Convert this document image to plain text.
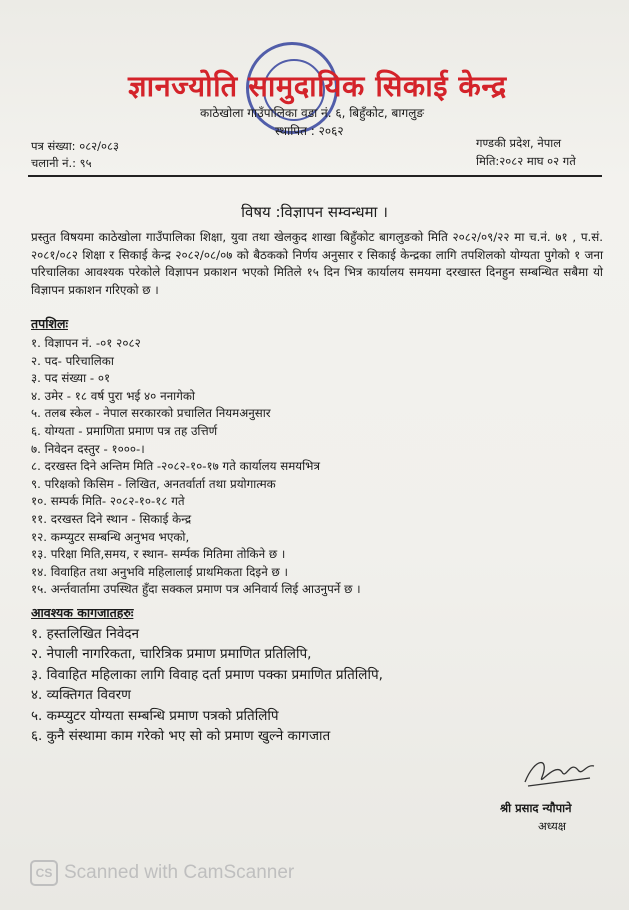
ज्ञानज्योति सामुदायिक सिकाई केन्द्र
काठेखोला गाउँपालिका वडा नं. ६, बिहुँकोट, बागलुङ
स्थापित : २०६२
पत्र संख्या: ०८२/०८३
चलानी नं.: ९५
गण्डकी प्रदेश, नेपाल
मिति:२०८२ माघ ०२ गते
विषय :विज्ञापन सम्वन्धमा ।
प्रस्तुत विषयमा काठेखोला गाउँपालिका शिक्षा, युवा तथा खेलकुद शाखा बिहुँकोट बागलुङको मिति २०८२/०९/२२ मा च.नं. ७१ , प.सं. २०८१/०८२ शिक्षा र सिकाई केन्द्र २०८२/०८/०७ को बैठकको निर्णय अनुसार र सिकाई केन्द्रका लागि तपशिलको योग्यता पुगेको १ जना परिचालिका आवश्यक परेकोले विज्ञापन प्रकाशन भएको मितिले १५ दिन भित्र कार्यालय समयमा दरखास्त दिनहुन सम्बन्धित सबैमा यो विज्ञापन प्रकाशन गरिएको छ ।
तपशिलः
१. विज्ञापन नं. -०१ २०८२
२. पद- परिचालिका
३. पद संख्या - ०१
४. उमेर - १८ वर्ष पुरा भई ४० ननागेको
५. तलब स्केल - नेपाल सरकारको प्रचालित नियमअनुसार
६. योग्यता - प्रमाणिता प्रमाण पत्र तह उत्तिर्ण
७. निवेदन दस्तुर - १०००-।
८. दरखस्त दिने अन्तिम मिति -२०८२-१०-१७ गते कार्यालय समयभित्र
९. परिक्षको किसिम - लिखित, अनतर्वार्ता तथा प्रयोगात्मक
१०. सम्पर्क मिति- २०८२-१०-१८ गते
११. दरखस्त दिने स्थान - सिकाई केन्द्र
१२. कम्प्युटर सम्बन्धि अनुभव भएको,
१३. परिक्षा मिति,समय, र स्थान- सर्म्पक मितिमा तोकिने छ ।
१४. विवाहित तथा अनुभवि महिलालाई प्राथमिकता दिइने छ ।
१५. अर्न्तवार्तामा उपस्थित हुँदा सक्कल प्रमाण पत्र अनिवार्य लिई आउनुपर्ने छ ।
आवश्यक कागजातहरुः
१. हस्तलिखित निवेदन
२. नेपाली नागरिकता, चारित्रिक प्रमाण प्रमाणित प्रतिलिपि,
३. विवाहित महिलाका लागि विवाह दर्ता प्रमाण पक्का प्रमाणित प्रतिलिपि,
४. व्यक्तिगत विवरण
५. कम्प्युटर योग्यता सम्बन्धि प्रमाण पत्रको प्रतिलिपि
६. कुनै संस्थामा काम गरेको भए सो को प्रमाण खुल्ने कागजात
श्री प्रसाद न्यौपाने
अध्यक्ष
CS Scanned with CamScanner
